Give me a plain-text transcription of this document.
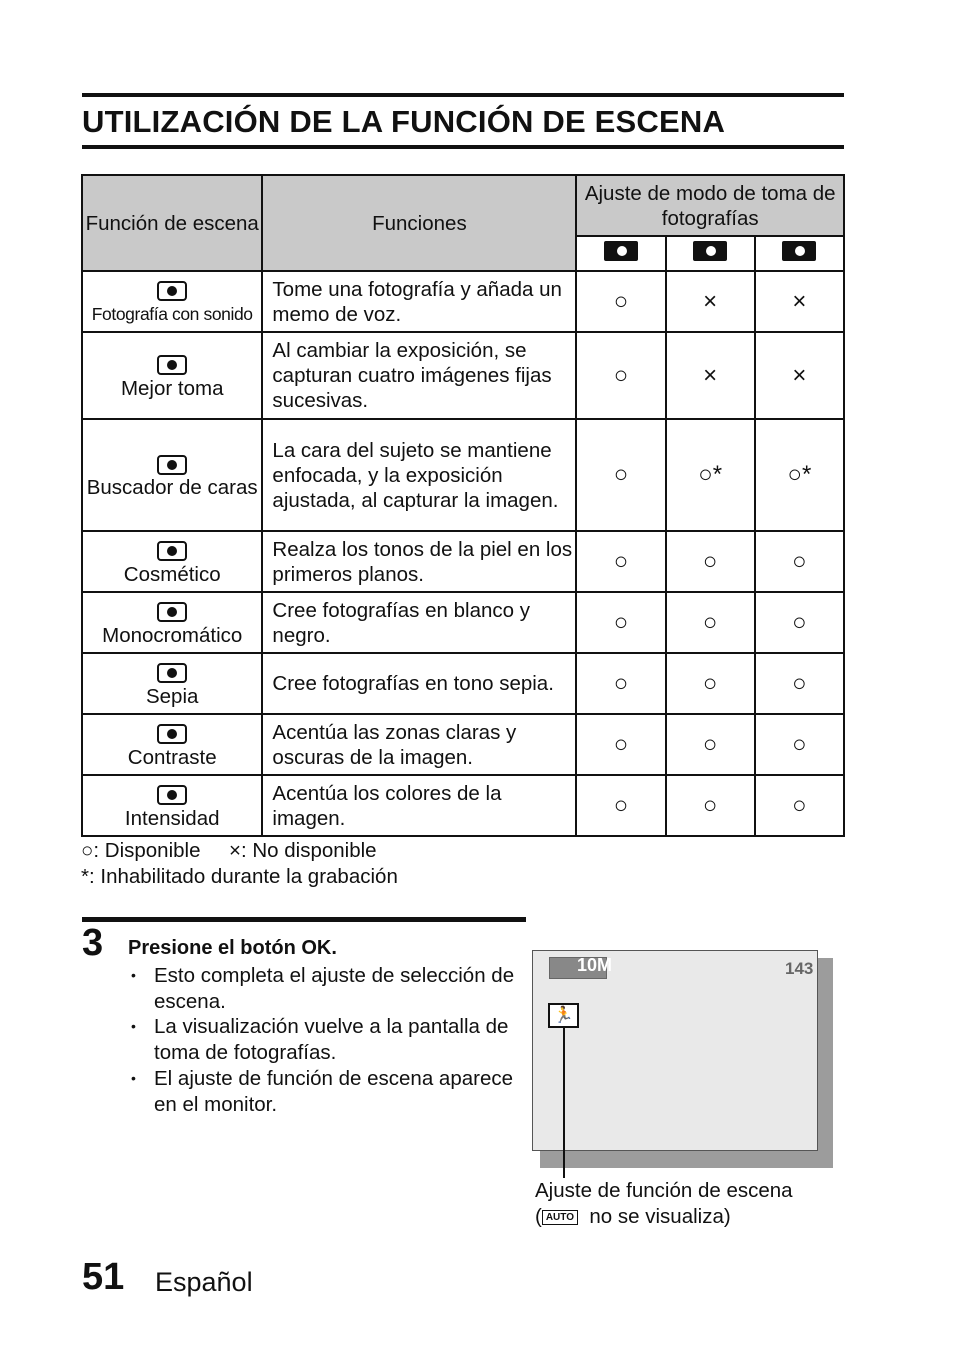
UTILIZACIÓN DE LA FUNCIÓN DE ESCENA
Función de escena	Funciones	Ajuste de modo de toma de fotografías		

Fotografía con sonido	Tome una fotografía y añada un memo de voz.	○	×	×

Mejor toma	Al cambiar la exposición, se capturan cuatro imágenes fijas sucesivas.	○	×	×

Buscador de caras	La cara del sujeto se mantiene enfocada, y la exposición ajustada, al capturar la imagen.	○	○*	○*

Cosmético	Realza los tonos de la piel en los primeros planos.	○	○	○

Monocromático	Cree fotografías en blanco y negro.	○	○	○

Sepia	Cree fotografías en tono sepia.	○	○	○

Contraste	Acentúa las zonas claras y oscuras de la imagen.	○	○	○

Intensidad	Acentúa los colores de la imagen.	○	○	○
○: Disponible ×: No disponible
*: Inhabilitado durante la grabación
3 Presione el botón OK.
• Esto completa el ajuste de selección de escena.
• La visualización vuelve a la pantalla de toma de fotografías.
• El ajuste de función de escena aparece en el monitor.
10M	143
🏃
Ajuste de función de escena
( AUTO no se visualiza)
51 Español
